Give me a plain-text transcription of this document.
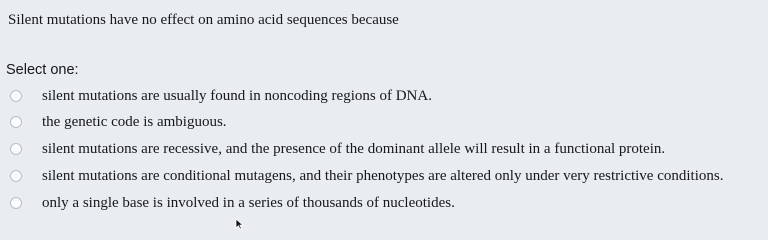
Silent mutations have no effect on amino acid sequences because
Select one:
silent mutations are usually found in noncoding regions of DNA.
the genetic code is ambiguous.
silent mutations are recessive, and the presence of the dominant allele will result in a functional protein.
silent mutations are conditional mutagens, and their phenotypes are altered only under very restrictive conditions.
only a single base is involved in a series of thousands of nucleotides.
